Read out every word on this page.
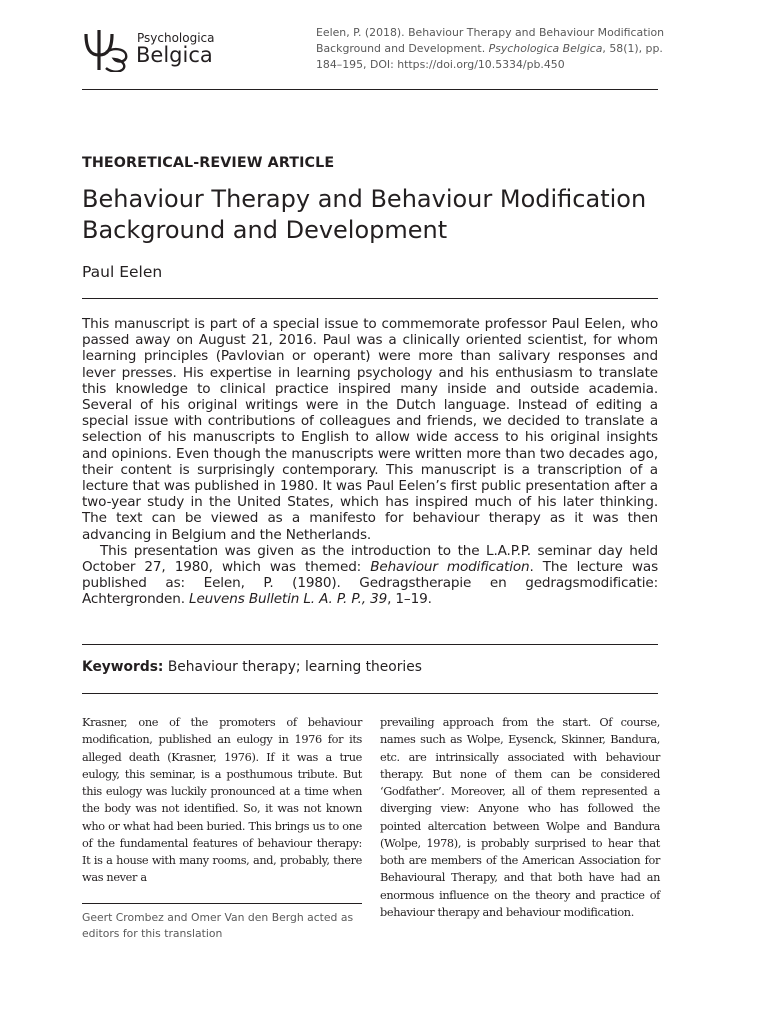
Psychologica
Belgica
Eelen, P. (2018). Behaviour Therapy and Behaviour Modification Background and Development. Psychologica Belgica, 58(1), pp. 184–195, DOI: https://doi.org/10.5334/pb.450
THEORETICAL-REVIEW ARTICLE
Behaviour Therapy and Behaviour Modification Background and Development
Paul Eelen

This manuscript is part of a special issue to commemorate professor Paul Eelen, who passed away on August 21, 2016. Paul was a clinically oriented scientist, for whom learning principles (Pavlovian or operant) were more than salivary responses and lever presses. His expertise in learning psychology and his enthusiasm to translate this knowledge to clinical practice inspired many inside and outside academia. Several of his original writings were in the Dutch language. Instead of editing a special issue with contributions of colleagues and friends, we decided to translate a selection of his manuscripts to English to allow wide access to his original insights and opinions. Even though the manuscripts were written more than two decades ago, their content is surprisingly contemporary. This manuscript is a transcription of a lecture that was published in 1980. It was Paul Eelen’s first public presentation after a two-year study in the United States, which has inspired much of his later thinking. The text can be viewed as a manifesto for behaviour therapy as it was then advancing in Belgium and the Netherlands.

This presentation was given as the introduction to the L.A.P.P. seminar day held October 27, 1980, which was themed: Behaviour modification. The lecture was published as: Eelen, P. (1980). Gedragstherapie en gedragsmodificatie: Achtergronden. Leuvens Bulletin L. A. P. P., 39, 1–19.

Keywords: Behaviour therapy; learning theories
Krasner, one of the promoters of behaviour modification, published an eulogy in 1976 for its alleged death (Krasner, 1976). If it was a true eulogy, this seminar, is a posthumous tribute. But this eulogy was luckily pronounced at a time when the body was not identified. So, it was not known who or what had been buried. This brings us to one of the fundamental features of behaviour therapy: It is a house with many rooms, and, probably, there was never a
prevailing approach from the start. Of course, names such as Wolpe, Eysenck, Skinner, Bandura, etc. are intrinsically associated with behaviour therapy. But none of them can be considered ‘Godfather’. Moreover, all of them represented a diverging view: Anyone who has followed the pointed altercation between Wolpe and Bandura (Wolpe, 1978), is probably surprised to hear that both are members of the American Association for Behavioural Therapy, and that both have had an enormous influence on the theory and practice of behaviour therapy and behaviour modification.
Geert Crombez and Omer Van den Bergh acted as editors for this translation
